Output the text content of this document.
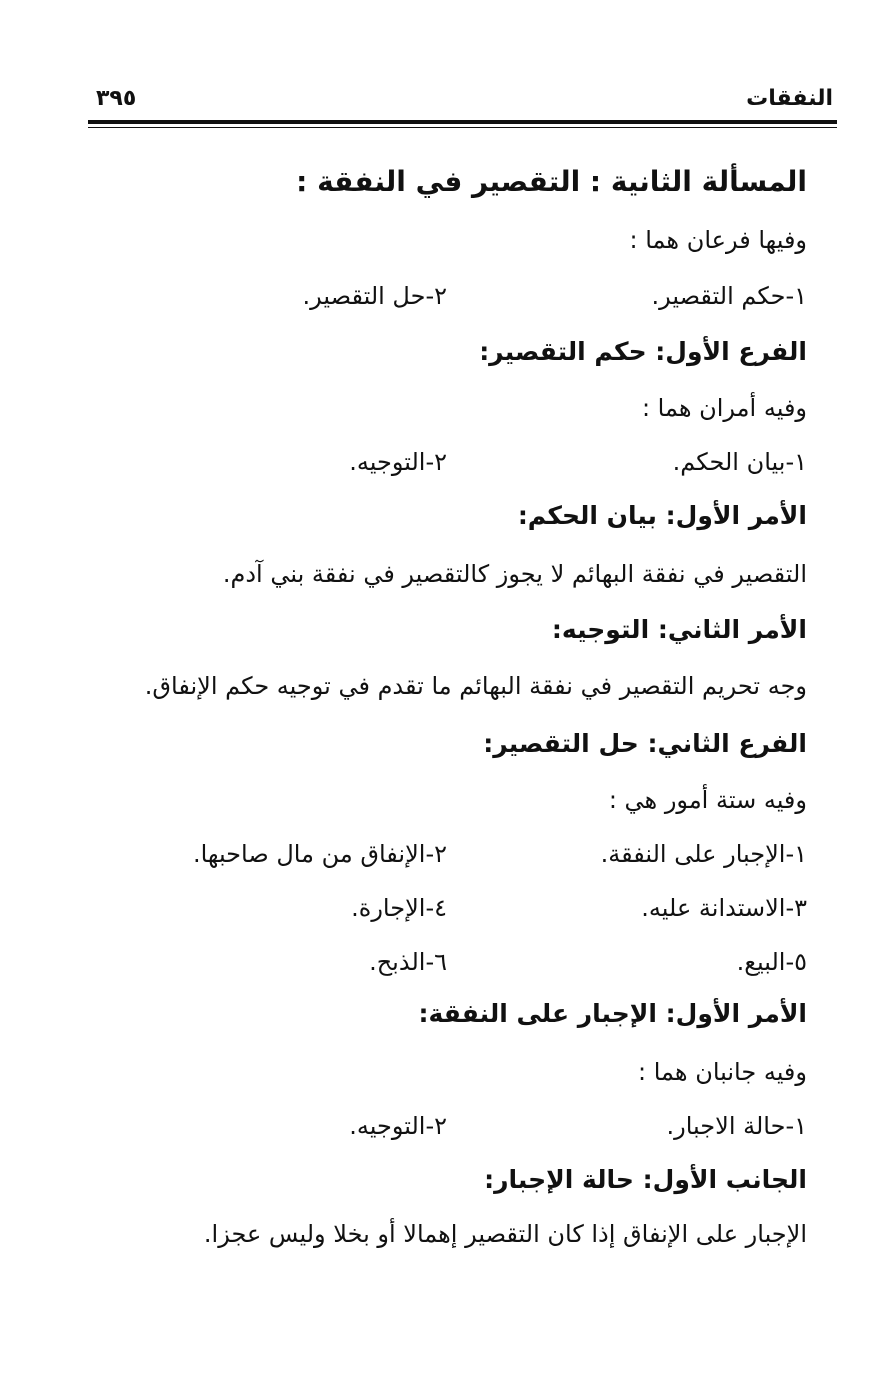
النفقات
٣٩٥
المسألة الثانية : التقصير في النفقة :
وفيها فرعان هما :
١-حكم التقصير.
٢-حل التقصير.
الفرع الأول: حكم التقصير:
وفيه أمران هما :
١-بيان الحكم.
٢-التوجيه.
الأمر الأول: بيان الحكم:
التقصير في نفقة البهائم لا يجوز كالتقصير في نفقة بني آدم.
الأمر الثاني: التوجيه:
وجه تحريم التقصير في نفقة البهائم ما تقدم في توجيه حكم الإنفاق.
الفرع الثاني: حل التقصير:
وفيه ستة أمور هي :
١-الإجبار على النفقة.
٢-الإنفاق من مال صاحبها.
٣-الاستدانة عليه.
٤-الإجارة.
٥-البيع.
٦-الذبح.
الأمر الأول: الإجبار على النفقة:
وفيه جانبان هما :
١-حالة الاجبار.
٢-التوجيه.
الجانب الأول: حالة الإجبار:
الإجبار على الإنفاق إذا كان التقصير إهمالا أو بخلا وليس عجزا.
